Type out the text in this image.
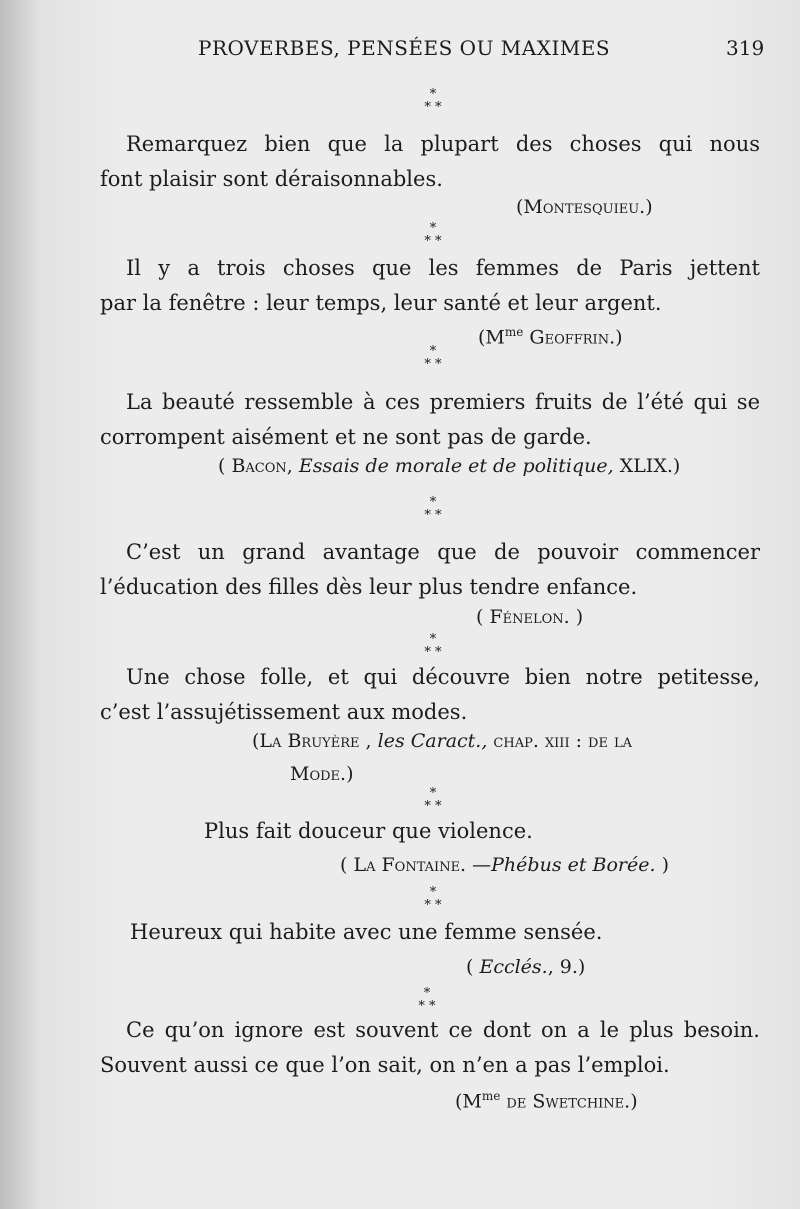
PROVERBES, PENSÉES OU MAXIMES	319
*
* *
*
* *
*
* *
*
* *
*
* *
*
* *
*
* *
*
* *
Remarquez bien que la plupart des choses qui nous
font plaisir sont déraisonnables.
(Montesquieu.)
Il y a trois choses que les femmes de Paris jettent
par la fenêtre : leur temps, leur santé et leur argent.
($M^{me}$ Geoffrin.)
La beauté ressemble à ces premiers fruits de l’été qui se
corrompent aisément et ne sont pas de garde.
( Bacon, Essais de morale et de politique, XLIX.)
C’est un grand avantage que de pouvoir commencer
l’éducation des filles dès leur plus tendre enfance.
( Fénelon. )
Une chose folle, et qui découvre bien notre petitesse,
c’est l’assujétissement aux modes.
(La Bruyère , les Caract., chap. xiii : de la
Mode.)
Plus fait douceur que violence.
( La Fontaine. —Phébus et Borée. )
Heureux qui habite avec une femme sensée.
( Ecclés., 9.)
Ce qu’on ignore est souvent ce dont on a le plus besoin.
Souvent aussi ce que l’on sait, on n’en a pas l’emploi.
($M^{me}$ de Swetchine.)
